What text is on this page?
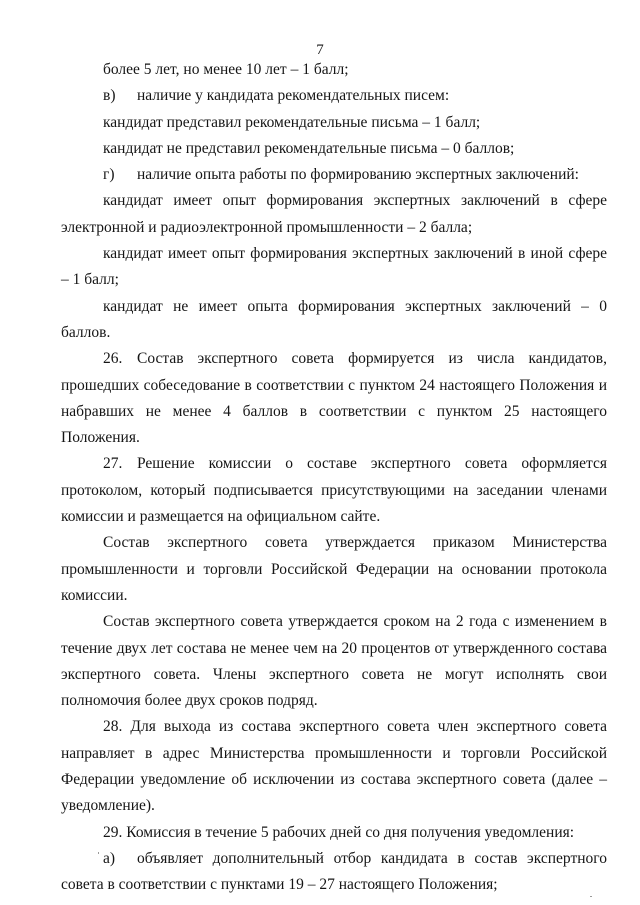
7

более 5 лет, но менее 10 лет – 1 балл;

в) наличие у кандидата рекомендательных писем:

кандидат представил рекомендательные письма – 1 балл;

кандидат не представил рекомендательные письма – 0 баллов;

г) наличие опыта работы по формированию экспертных заключений:

кандидат имеет опыт формирования экспертных заключений в сфере электронной и радиоэлектронной промышленности – 2 балла;

кандидат имеет опыт формирования экспертных заключений в иной сфере – 1 балл;

кандидат не имеет опыта формирования экспертных заключений – 0 баллов.

26. Состав экспертного совета формируется из числа кандидатов, прошедших собеседование в соответствии с пунктом 24 настоящего Положения и набравших не менее 4 баллов в соответствии с пунктом 25 настоящего Положения.

27. Решение комиссии о составе экспертного совета оформляется протоколом, который подписывается присутствующими на заседании членами комиссии и размещается на официальном сайте.

Состав экспертного совета утверждается приказом Министерства промышленности и торговли Российской Федерации на основании протокола комиссии.

Состав экспертного совета утверждается сроком на 2 года с изменением в течение двух лет состава не менее чем на 20 процентов от утвержденного состава экспертного совета. Члены экспертного совета не могут исполнять свои полномочия более двух сроков подряд.

28. Для выхода из состава экспертного совета член экспертного совета направляет в адрес Министерства промышленности и торговли Российской Федерации уведомление об исключении из состава экспертного совета (далее – уведомление).

29. Комиссия в течение 5 рабочих дней со дня получения уведомления:

а) объявляет дополнительный отбор кандидата в состав экспертного совета в соответствии с пунктами 19 – 27 настоящего Положения;
